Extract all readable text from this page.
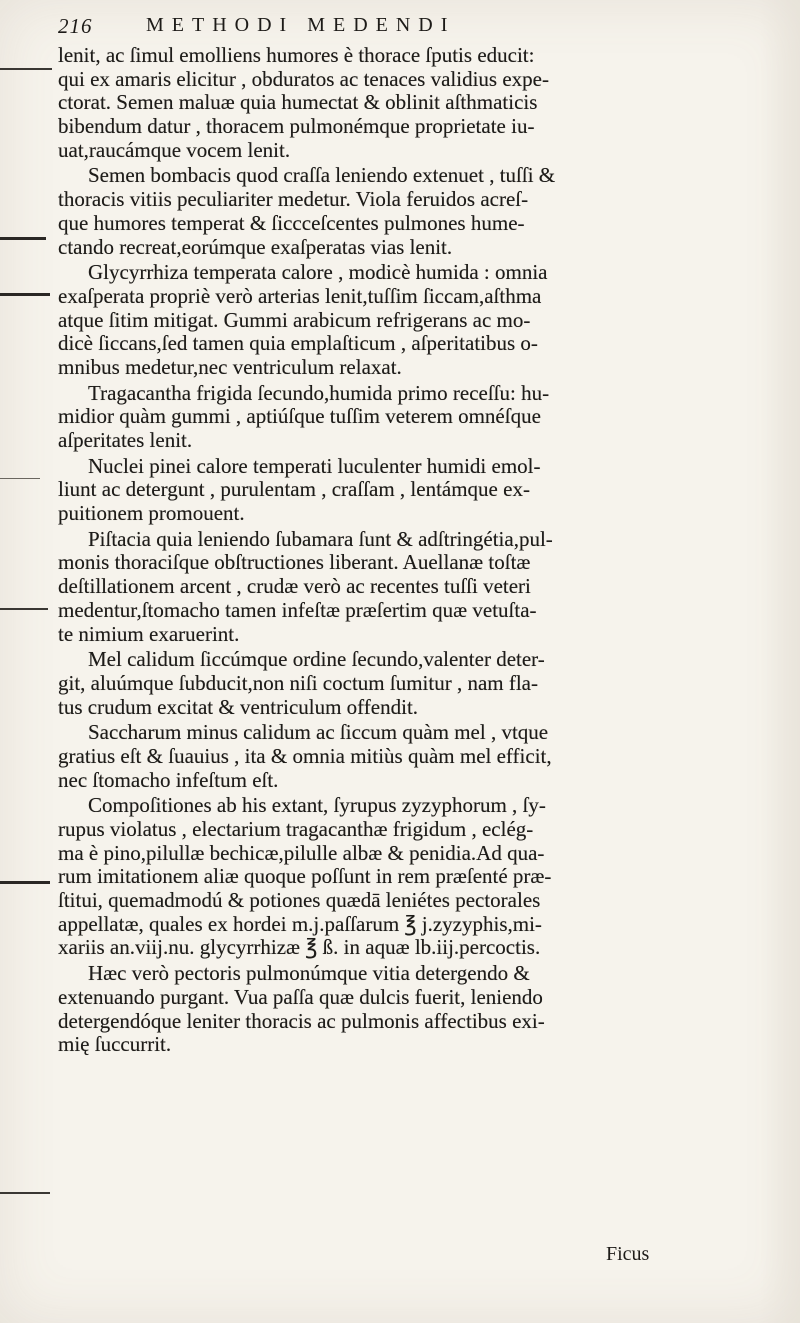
216	METHODI MEDENDI
lenit, ac ſimul emolliens humores è thorace ſputis educit:
qui ex amaris elicitur , obduratos ac tenaces validius expe-
ctorat. Semen maluæ quia humectat & oblinit aſthmaticis
bibendum datur , thoracem pulmonémque proprietate iu-
uat,raucámque vocem lenit.
Semen bombacis quod craſſa leniendo extenuet , tuſſi &
thoracis vitiis peculiariter medetur. Viola feruidos acreſ-
que humores temperat & ſiccceſcentes pulmones hume-
ctando recreat,eorúmque exaſperatas vias lenit.
Glycyrrhiza temperata calore , modicè humida : omnia
exaſperata propriè verò arterias lenit,tuſſim ſiccam,aſthma
atque ſitim mitigat. Gummi arabicum refrigerans ac mo-
dicè ſiccans,ſed tamen quia emplaſticum , aſperitatibus o-
mnibus medetur,nec ventriculum relaxat.
Tragacantha frigida ſecundo,humida primo receſſu: hu-
midior quàm gummi , aptiúſque tuſſim veterem omnéſque
aſperitates lenit.
Nuclei pinei calore temperati luculenter humidi emol-
liunt ac detergunt , purulentam , craſſam , lentámque ex-
puitionem promouent.
Piſtacia quia leniendo ſubamara ſunt & adſtringétia,pul-
monis thoraciſque obſtructiones liberant. Auellanæ toſtæ
deſtillationem arcent , crudæ verò ac recentes tuſſi veteri
medentur,ſtomacho tamen infeſtæ præſertim quæ vetuſta-
te nimium exaruerint.
Mel calidum ſiccúmque ordine ſecundo,valenter deter-
git, aluúmque ſubducit,non niſi coctum ſumitur , nam fla-
tus crudum excitat & ventriculum offendit.
Saccharum minus calidum ac ſiccum quàm mel , vtque
gratius eſt & ſuauius , ita & omnia mitiùs quàm mel efficit,
nec ſtomacho infeſtum eſt.
Compoſitiones ab his extant, ſyrupus zyzyphorum , ſy-
rupus violatus , electarium tragacanthæ frigidum , eclég-
ma è pino,pilullæ bechicæ,pilulle albæ & penidia.Ad qua-
rum imitationem aliæ quoque poſſunt in rem præſenté præ-
ſtitui, quemadmodú & potiones quædā leniétes pectorales
appellatæ, quales ex hordei m.j.paſſarum ℥ j.zyzyphis,mi-
xariis an.viij.nu. glycyrrhizæ ℥ ß. in aquæ lb.iij.percoctis.
Hæc verò pectoris pulmonúmque vitia detergendo &
extenuando purgant. Vua paſſa quæ dulcis fuerit, leniendo
detergendóque leniter thoracis ac pulmonis affectibus exi-
mię ſuccurrit.
Ficus
